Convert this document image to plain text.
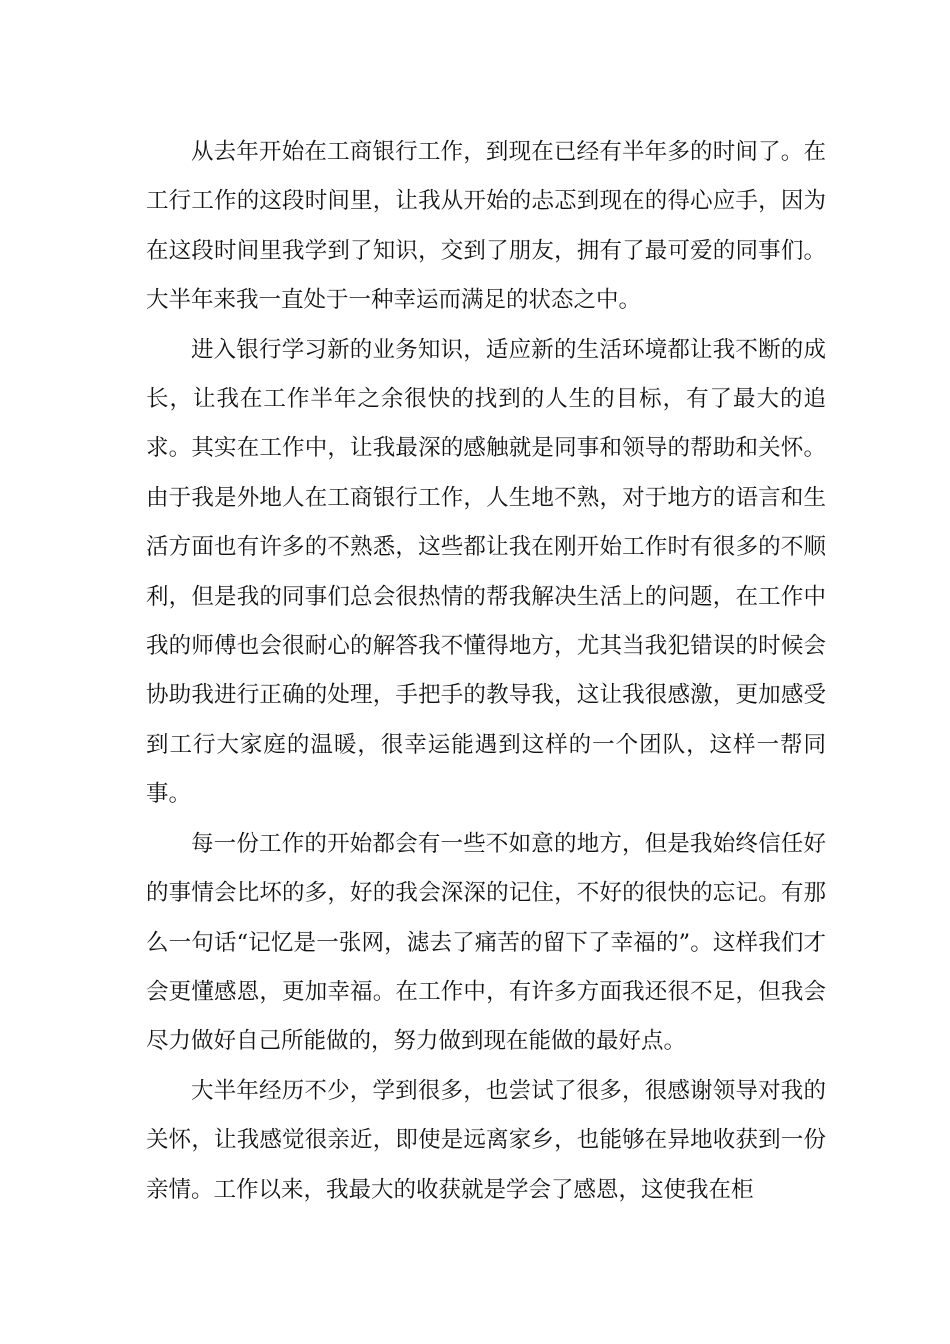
从去年开始在工商银行工作，到现在已经有半年多的时间了。在工行工作的这段时间里，让我从开始的忐忑到现在的得心应手，因为在这段时间里我学到了知识，交到了朋友，拥有了最可爱的同事们。大半年来我一直处于一种幸运而满足的状态之中。

进入银行学习新的业务知识，适应新的生活环境都让我不断的成长，让我在工作半年之余很快的找到的人生的目标，有了最大的追求。其实在工作中，让我最深的感触就是同事和领导的帮助和关怀。由于我是外地人在工商银行工作，人生地不熟，对于地方的语言和生活方面也有许多的不熟悉，这些都让我在刚开始工作时有很多的不顺利，但是我的同事们总会很热情的帮我解决生活上的问题，在工作中我的师傅也会很耐心的解答我不懂得地方，尤其当我犯错误的时候会协助我进行正确的处理，手把手的教导我，这让我很感激，更加感受到工行大家庭的温暖，很幸运能遇到这样的一个团队，这样一帮同事。

每一份工作的开始都会有一些不如意的地方，但是我始终信任好的事情会比坏的多，好的我会深深的记住，不好的很快的忘记。有那么一句话“记忆是一张网，滤去了痛苦的留下了幸福的”。这样我们才会更懂感恩，更加幸福。在工作中，有许多方面我还很不足，但我会尽力做好自己所能做的，努力做到现在能做的最好点。

大半年经历不少，学到很多，也尝试了很多，很感谢领导对我的关怀，让我感觉很亲近，即使是远离家乡，也能够在异地收获到一份亲情。工作以来，我最大的收获就是学会了感恩，这使我在柜
